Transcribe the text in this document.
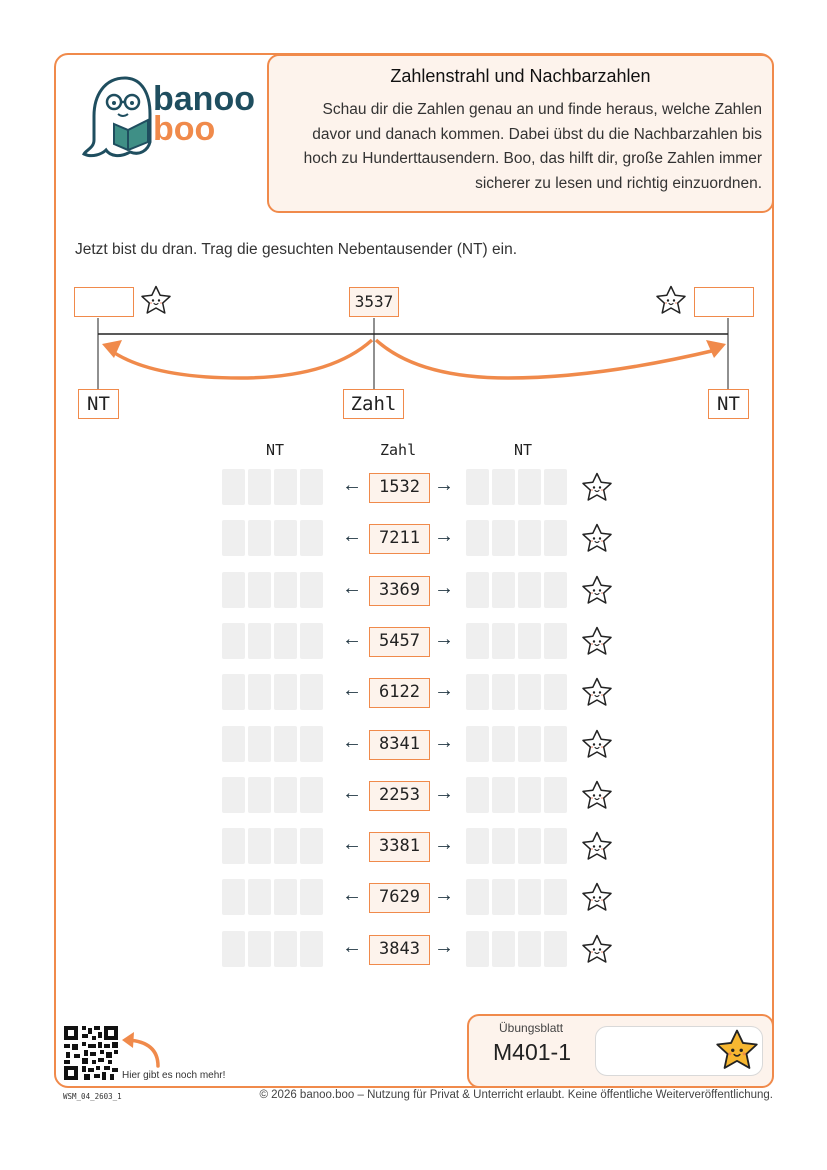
banoo
boo
Zahlenstrahl und Nachbarzahlen

Schau dir die Zahlen genau an und finde heraus, welche Zahlen davor und danach kommen. Dabei übst du die Nachbarzahlen bis hoch zu Hunderttausendern. Boo, das hilft dir, große Zahlen immer sicherer zu lesen und richtig einzuordnen.

Jetzt bist du dran. Trag die gesuchten Nebentausender (NT) ein.
3537
NT	Zahl	NT
NT	Zahl	NT
←	1532 →
←	7211 →
←	3369 →
←	5457 →
←	6122 →
←	8341 →
←	2253 →
←	3381 →
←	7629 →
←	3843 →
Hier gibt es noch mehr!
Übungsblatt
M401-1
WSM_04_2603_1	© 2026 banoo.boo – Nutzung für Privat & Unterricht erlaubt. Keine öffentliche Weiterveröffentlichung.
